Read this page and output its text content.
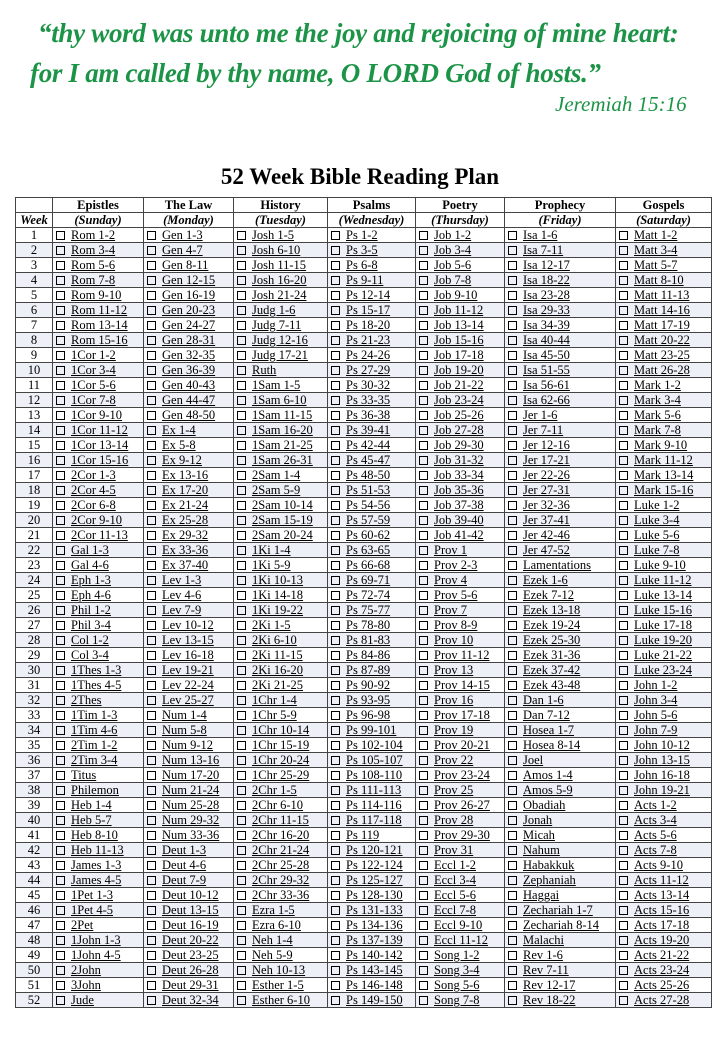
“thy word was unto me the joy and rejoicing of mine heart:
for I am called by thy name, O LORD God of hosts.”
Jeremiah 15:16
52 Week Bible Reading Plan
	Epistles	The Law	History	Psalms	Poetry	Prophecy	Gospels
Week	(Sunday)	(Monday)	(Tuesday)	(Wednesday)	(Thursday)	(Friday)	(Saturday)
1	Rom 1-2	Gen 1-3	Josh 1-5	Ps 1-2	Job 1-2	Isa 1-6	Matt 1-2
2	Rom 3-4	Gen 4-7	Josh 6-10	Ps 3-5	Job 3-4	Isa 7-11	Matt 3-4
3	Rom 5-6	Gen 8-11	Josh 11-15	Ps 6-8	Job 5-6	Isa 12-17	Matt 5-7
4	Rom 7-8	Gen 12-15	Josh 16-20	Ps 9-11	Job 7-8	Isa 18-22	Matt 8-10
5	Rom 9-10	Gen 16-19	Josh 21-24	Ps 12-14	Job 9-10	Isa 23-28	Matt 11-13
6	Rom 11-12	Gen 20-23	Judg 1-6	Ps 15-17	Job 11-12	Isa 29-33	Matt 14-16
7	Rom 13-14	Gen 24-27	Judg 7-11	Ps 18-20	Job 13-14	Isa 34-39	Matt 17-19
8	Rom 15-16	Gen 28-31	Judg 12-16	Ps 21-23	Job 15-16	Isa 40-44	Matt 20-22
9	1Cor 1-2	Gen 32-35	Judg 17-21	Ps 24-26	Job 17-18	Isa 45-50	Matt 23-25
10	1Cor 3-4	Gen 36-39	Ruth	Ps 27-29	Job 19-20	Isa 51-55	Matt 26-28
11	1Cor 5-6	Gen 40-43	1Sam 1-5	Ps 30-32	Job 21-22	Isa 56-61	Mark 1-2
12	1Cor 7-8	Gen 44-47	1Sam 6-10	Ps 33-35	Job 23-24	Isa 62-66	Mark 3-4
13	1Cor 9-10	Gen 48-50	1Sam 11-15	Ps 36-38	Job 25-26	Jer 1-6	Mark 5-6
14	1Cor 11-12	Ex 1-4	1Sam 16-20	Ps 39-41	Job 27-28	Jer 7-11	Mark 7-8
15	1Cor 13-14	Ex 5-8	1Sam 21-25	Ps 42-44	Job 29-30	Jer 12-16	Mark 9-10
16	1Cor 15-16	Ex 9-12	1Sam 26-31	Ps 45-47	Job 31-32	Jer 17-21	Mark 11-12
17	2Cor 1-3	Ex 13-16	2Sam 1-4	Ps 48-50	Job 33-34	Jer 22-26	Mark 13-14
18	2Cor 4-5	Ex 17-20	2Sam 5-9	Ps 51-53	Job 35-36	Jer 27-31	Mark 15-16
19	2Cor 6-8	Ex 21-24	2Sam 10-14	Ps 54-56	Job 37-38	Jer 32-36	Luke 1-2
20	2Cor 9-10	Ex 25-28	2Sam 15-19	Ps 57-59	Job 39-40	Jer 37-41	Luke 3-4
21	2Cor 11-13	Ex 29-32	2Sam 20-24	Ps 60-62	Job 41-42	Jer 42-46	Luke 5-6
22	Gal 1-3	Ex 33-36	1Ki 1-4	Ps 63-65	Prov 1	Jer 47-52	Luke 7-8
23	Gal 4-6	Ex 37-40	1Ki 5-9	Ps 66-68	Prov 2-3	Lamentations	Luke 9-10
24	Eph 1-3	Lev 1-3	1Ki 10-13	Ps 69-71	Prov 4	Ezek 1-6	Luke 11-12
25	Eph 4-6	Lev 4-6	1Ki 14-18	Ps 72-74	Prov 5-6	Ezek 7-12	Luke 13-14
26	Phil 1-2	Lev 7-9	1Ki 19-22	Ps 75-77	Prov 7	Ezek 13-18	Luke 15-16
27	Phil 3-4	Lev 10-12	2Ki 1-5	Ps 78-80	Prov 8-9	Ezek 19-24	Luke 17-18
28	Col 1-2	Lev 13-15	2Ki 6-10	Ps 81-83	Prov 10	Ezek 25-30	Luke 19-20
29	Col 3-4	Lev 16-18	2Ki 11-15	Ps 84-86	Prov 11-12	Ezek 31-36	Luke 21-22
30	1Thes 1-3	Lev 19-21	2Ki 16-20	Ps 87-89	Prov 13	Ezek 37-42	Luke 23-24
31	1Thes 4-5	Lev 22-24	2Ki 21-25	Ps 90-92	Prov 14-15	Ezek 43-48	John 1-2
32	2Thes	Lev 25-27	1Chr 1-4	Ps 93-95	Prov 16	Dan 1-6	John 3-4
33	1Tim 1-3	Num 1-4	1Chr 5-9	Ps 96-98	Prov 17-18	Dan 7-12	John 5-6
34	1Tim 4-6	Num 5-8	1Chr 10-14	Ps 99-101	Prov 19	Hosea 1-7	John 7-9
35	2Tim 1-2	Num 9-12	1Chr 15-19	Ps 102-104	Prov 20-21	Hosea 8-14	John 10-12
36	2Tim 3-4	Num 13-16	1Chr 20-24	Ps 105-107	Prov 22	Joel	John 13-15
37	Titus	Num 17-20	1Chr 25-29	Ps 108-110	Prov 23-24	Amos 1-4	John 16-18
38	Philemon	Num 21-24	2Chr 1-5	Ps 111-113	Prov 25	Amos 5-9	John 19-21
39	Heb 1-4	Num 25-28	2Chr 6-10	Ps 114-116	Prov 26-27	Obadiah	Acts 1-2
40	Heb 5-7	Num 29-32	2Chr 11-15	Ps 117-118	Prov 28	Jonah	Acts 3-4
41	Heb 8-10	Num 33-36	2Chr 16-20	Ps 119	Prov 29-30	Micah	Acts 5-6
42	Heb 11-13	Deut 1-3	2Chr 21-24	Ps 120-121	Prov 31	Nahum	Acts 7-8
43	James 1-3	Deut 4-6	2Chr 25-28	Ps 122-124	Eccl 1-2	Habakkuk	Acts 9-10
44	James 4-5	Deut 7-9	2Chr 29-32	Ps 125-127	Eccl 3-4	Zephaniah	Acts 11-12
45	1Pet 1-3	Deut 10-12	2Chr 33-36	Ps 128-130	Eccl 5-6	Haggai	Acts 13-14
46	1Pet 4-5	Deut 13-15	Ezra 1-5	Ps 131-133	Eccl 7-8	Zechariah 1-7	Acts 15-16
47	2Pet	Deut 16-19	Ezra 6-10	Ps 134-136	Eccl 9-10	Zechariah 8-14	Acts 17-18
48	1John 1-3	Deut 20-22	Neh 1-4	Ps 137-139	Eccl 11-12	Malachi	Acts 19-20
49	1John 4-5	Deut 23-25	Neh 5-9	Ps 140-142	Song 1-2	Rev 1-6	Acts 21-22
50	2John	Deut 26-28	Neh 10-13	Ps 143-145	Song 3-4	Rev 7-11	Acts 23-24
51	3John	Deut 29-31	Esther 1-5	Ps 146-148	Song 5-6	Rev 12-17	Acts 25-26
52	Jude	Deut 32-34	Esther 6-10	Ps 149-150	Song 7-8	Rev 18-22	Acts 27-28
